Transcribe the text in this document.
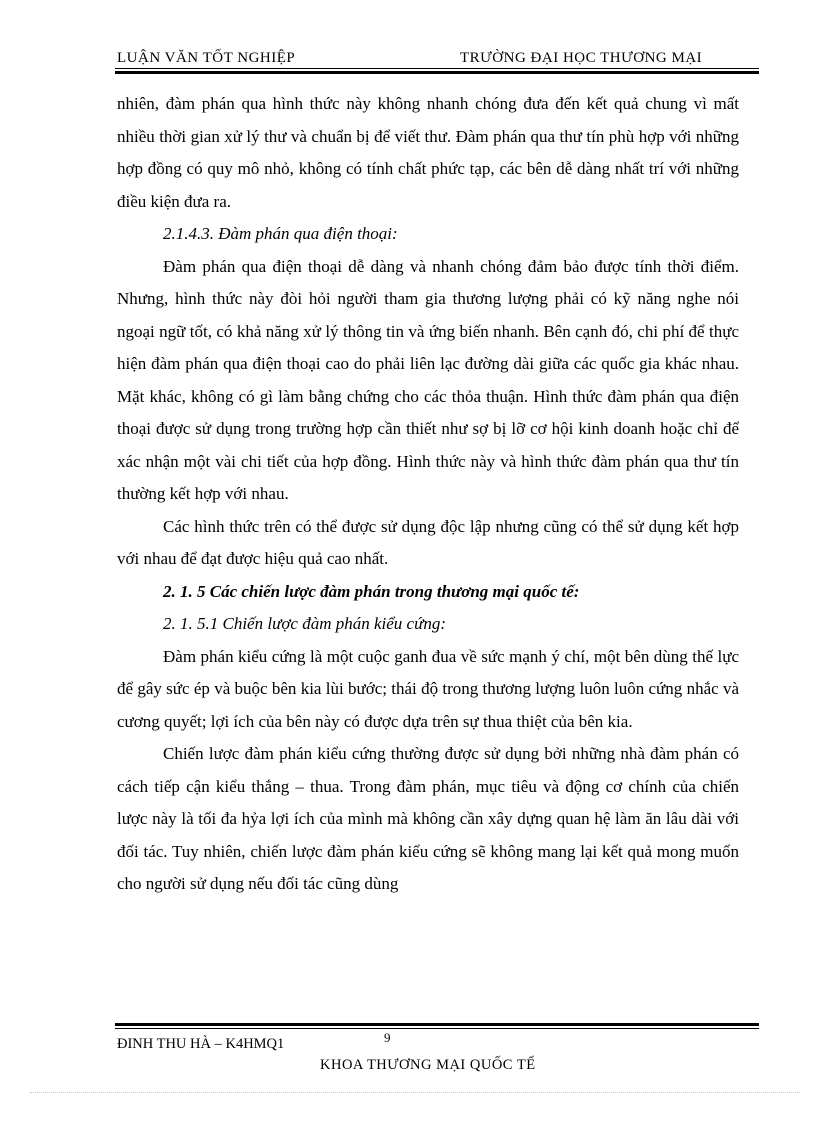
LUẬN VĂN TỐT NGHIỆP	TRƯỜNG ĐẠI HỌC THƯƠNG MẠI

nhiên, đàm phán qua hình thức này không nhanh chóng đưa đến kết quả chung vì mất nhiều thời gian xử lý thư và chuẩn bị để viết thư. Đàm phán qua thư tín phù hợp với những hợp đồng có quy mô nhỏ, không có tính chất phức tạp, các bên dễ dàng nhất trí với những điều kiện đưa ra.

2.1.4.3. Đàm phán qua điện thoại:

Đàm phán qua điện thoại dễ dàng và nhanh chóng đảm bảo được tính thời điểm. Nhưng, hình thức này đòi hỏi người tham gia thương lượng phải có kỹ năng nghe nói ngoại ngữ tốt, có khả năng xử lý thông tin và ứng biến nhanh. Bên cạnh đó, chi phí để thực hiện đàm phán qua điện thoại cao do phải liên lạc đường dài giữa các quốc gia khác nhau. Mặt khác, không có gì làm bằng chứng cho các thỏa thuận. Hình thức đàm phán qua điện thoại được sử dụng trong trường hợp cần thiết như sợ bị lỡ cơ hội kinh doanh hoặc chỉ để xác nhận một vài chi tiết của hợp đồng. Hình thức này và hình thức đàm phán qua thư tín thường kết hợp với nhau.

Các hình thức trên có thể được sử dụng độc lập nhưng cũng có thể sử dụng kết hợp với nhau để đạt được hiệu quả cao nhất.

2. 1. 5 Các chiến lược đàm phán trong thương mại quốc tế:

2. 1. 5.1 Chiến lược đàm phán kiểu cứng:

Đàm phán kiểu cứng là một cuộc ganh đua về sức mạnh ý chí, một bên dùng thế lực để gây sức ép và buộc bên kia lùi bước; thái độ trong thương lượng luôn luôn cứng nhắc và cương quyết; lợi ích của bên này có được dựa trên sự thua thiệt của bên kia.

Chiến lược đàm phán kiểu cứng thường được sử dụng bởi những nhà đàm phán có cách tiếp cận kiểu thắng – thua. Trong đàm phán, mục tiêu và động cơ chính của chiến lược này là tối đa hỷa lợi ích của mình mà không cần xây dựng quan hệ làm ăn lâu dài với đối tác. Tuy nhiên, chiến lược đàm phán kiểu cứng sẽ không mang lại kết quả mong muốn cho người sử dụng nếu đối tác cũng dùng

ĐINH THU HÀ – K4HMQ1	9
KHOA THƯƠNG MẠI QUỐC TẾ
